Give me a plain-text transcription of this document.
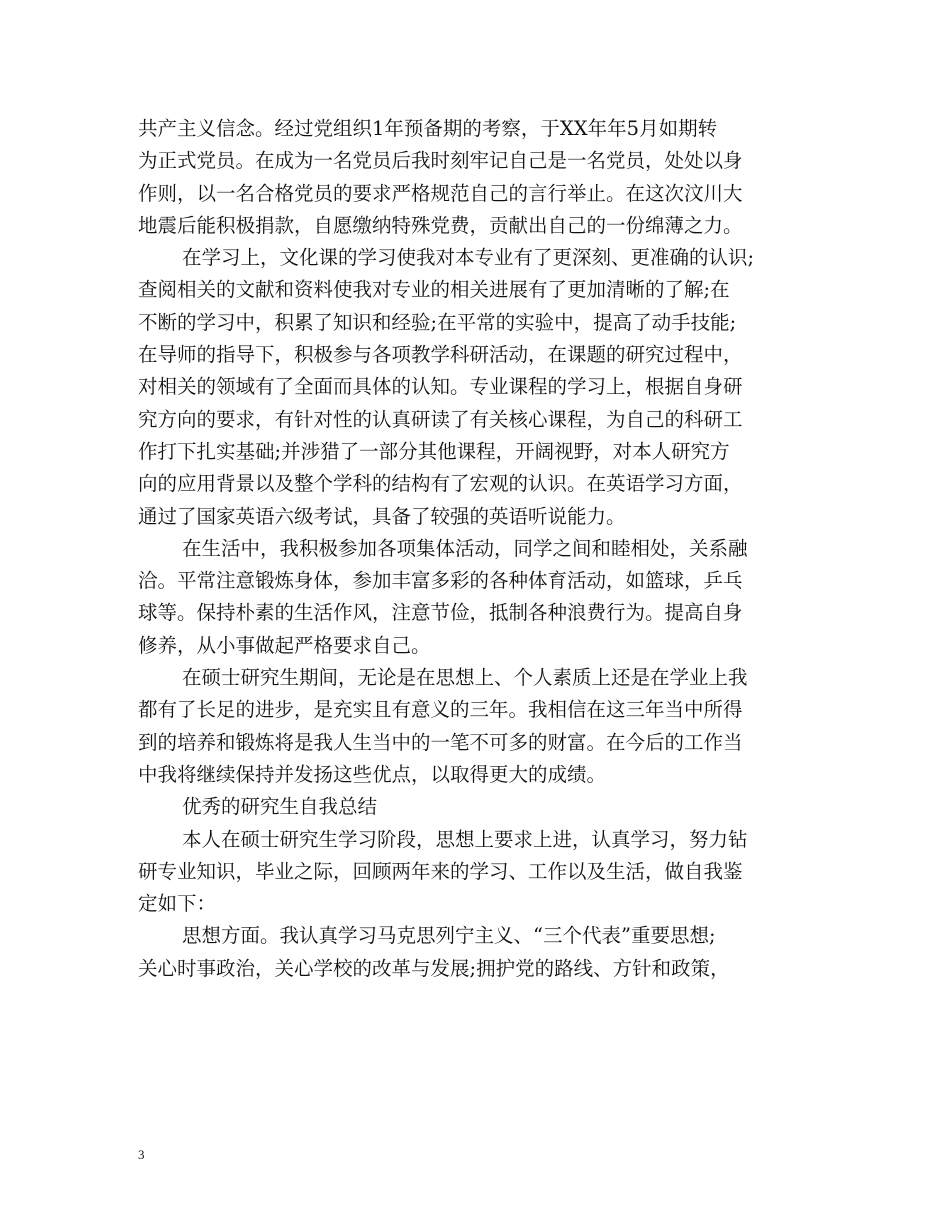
共产主义信念。经过党组织1年预备期的考察，于XX年年5月如期转
为正式党员。在成为一名党员后我时刻牢记自己是一名党员，处处以身
作则，以一名合格党员的要求严格规范自己的言行举止。在这次汶川大
地震后能积极捐款，自愿缴纳特殊党费，贡献出自己的一份绵薄之力。
在学习上，文化课的学习使我对本专业有了更深刻、更准确的认识;
查阅相关的文献和资料使我对专业的相关进展有了更加清晰的了解;在
不断的学习中，积累了知识和经验;在平常的实验中，提高了动手技能;
在导师的指导下，积极参与各项教学科研活动，在课题的研究过程中，
对相关的领域有了全面而具体的认知。专业课程的学习上，根据自身研
究方向的要求，有针对性的认真研读了有关核心课程，为自己的科研工
作打下扎实基础;并涉猎了一部分其他课程，开阔视野，对本人研究方
向的应用背景以及整个学科的结构有了宏观的认识。在英语学习方面，
通过了国家英语六级考试，具备了较强的英语听说能力。
在生活中，我积极参加各项集体活动，同学之间和睦相处，关系融
洽。平常注意锻炼身体，参加丰富多彩的各种体育活动，如篮球，乒乓
球等。保持朴素的生活作风，注意节俭，抵制各种浪费行为。提高自身
修养，从小事做起严格要求自己。
在硕士研究生期间，无论是在思想上、个人素质上还是在学业上我
都有了长足的进步，是充实且有意义的三年。我相信在这三年当中所得
到的培养和锻炼将是我人生当中的一笔不可多的财富。在今后的工作当
中我将继续保持并发扬这些优点，以取得更大的成绩。
优秀的研究生自我总结
本人在硕士研究生学习阶段，思想上要求上进，认真学习，努力钻
研专业知识，毕业之际，回顾两年来的学习、工作以及生活，做自我鉴
定如下：
思想方面。我认真学习马克思列宁主义、“三个代表”重要思想;
关心时事政治，关心学校的改革与发展;拥护党的路线、方针和政策，
3
